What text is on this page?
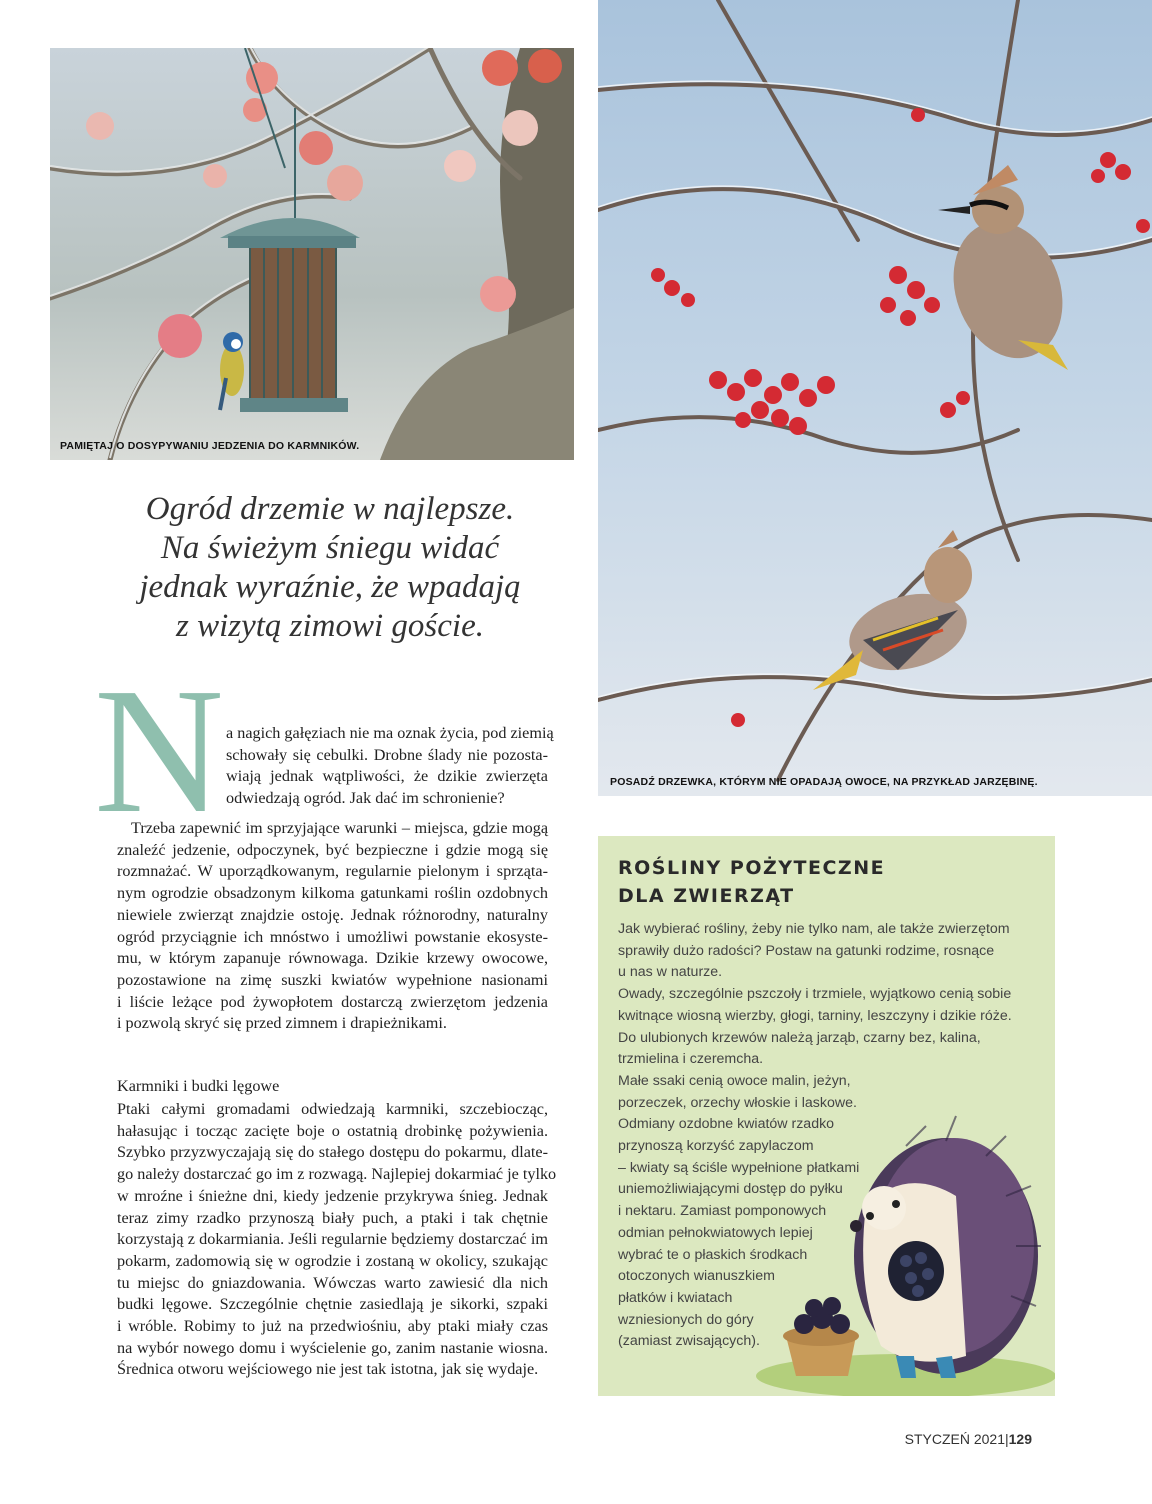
PAMIĘTAJ O DOSYPYWANIU JEDZENIA DO KARMNIKÓW.
POSADŹ DRZEWKA, KTÓRYM NIE OPADAJĄ OWOCE, NA PRZYKŁAD JARZĘBINĘ.
Ogród drzemie w najlepsze.
Na świeżym śniegu widać
jednak wyraźnie, że wpadają
z wizytą zimowi goście.
N a nagich gałęziach nie ma oznak życia, pod ziemią
schowały się cebulki. Drobne ślady nie pozosta-
wiają jednak wątpliwości, że dzikie zwierzęta
odwiedzają ogród. Jak dać im schronienie?
Trzeba zapewnić im sprzyjające warunki – miejsca, gdzie mogą
znaleźć jedzenie, odpoczynek, być bezpieczne i gdzie mogą się
rozmnażać. W uporządkowanym, regularnie pielonym i sprząta-
nym ogrodzie obsadzonym kilkoma gatunkami roślin ozdobnych
niewiele zwierząt znajdzie ostoję. Jednak różnorodny, naturalny
ogród przyciągnie ich mnóstwo i umożliwi powstanie ekosyste-
mu, w którym zapanuje równowaga. Dzikie krzewy owocowe,
pozostawione na zimę suszki kwiatów wypełnione nasionami
i liście leżące pod żywopłotem dostarczą zwierzętom jedzenia
i pozwolą skryć się przed zimnem i drapieżnikami.
Karmniki i budki lęgowe
Ptaki całymi gromadami odwiedzają karmniki, szczebiocząc,
hałasując i tocząc zacięte boje o ostatnią drobinkę pożywienia.
Szybko przyzwyczajają się do stałego dostępu do pokarmu, dlate-
go należy dostarczać go im z rozwagą. Najlepiej dokarmiać je tylko
w mroźne i śnieżne dni, kiedy jedzenie przykrywa śnieg. Jednak
teraz zimy rzadko przynoszą biały puch, a ptaki i tak chętnie
korzystają z dokarmiania. Jeśli regularnie będziemy dostarczać im
pokarm, zadomowią się w ogrodzie i zostaną w okolicy, szukając
tu miejsc do gniazdowania. Wówczas warto zawiesić dla nich
budki lęgowe. Szczególnie chętnie zasiedlają je sikorki, szpaki
i wróble. Robimy to już na przedwiośniu, aby ptaki miały czas
na wybór nowego domu i wyścielenie go, zanim nastanie wiosna.
Średnica otworu wejściowego nie jest tak istotna, jak się wydaje.
ROŚLINY POŻYTECZNE
DLA ZWIERZĄT
Jak wybierać rośliny, żeby nie tylko nam, ale także zwierzętom
sprawiły dużo radości? Postaw na gatunki rodzime, rosnące
u nas w naturze.
Owady, szczególnie pszczoły i trzmiele, wyjątkowo cenią sobie
kwitnące wiosną wierzby, głogi, tarniny, leszczyny i dzikie róże.
Do ulubionych krzewów należą jarząb, czarny bez, kalina,
trzmielina i czeremcha.
Małe ssaki cenią owoce malin, jeżyn,
porzeczek, orzechy włoskie i laskowe.
Odmiany ozdobne kwiatów rzadko
przynoszą korzyść zapylaczom
– kwiaty są ściśle wypełnione płatkami
uniemożliwiającymi dostęp do pyłku
i nektaru. Zamiast pomponowych
odmian pełnokwiatowych lepiej
wybrać te o płaskich środkach
otoczonych wianuszkiem
płatków i kwiatach
wzniesionych do góry
(zamiast zwisających).
STYCZEŃ 2021|129
